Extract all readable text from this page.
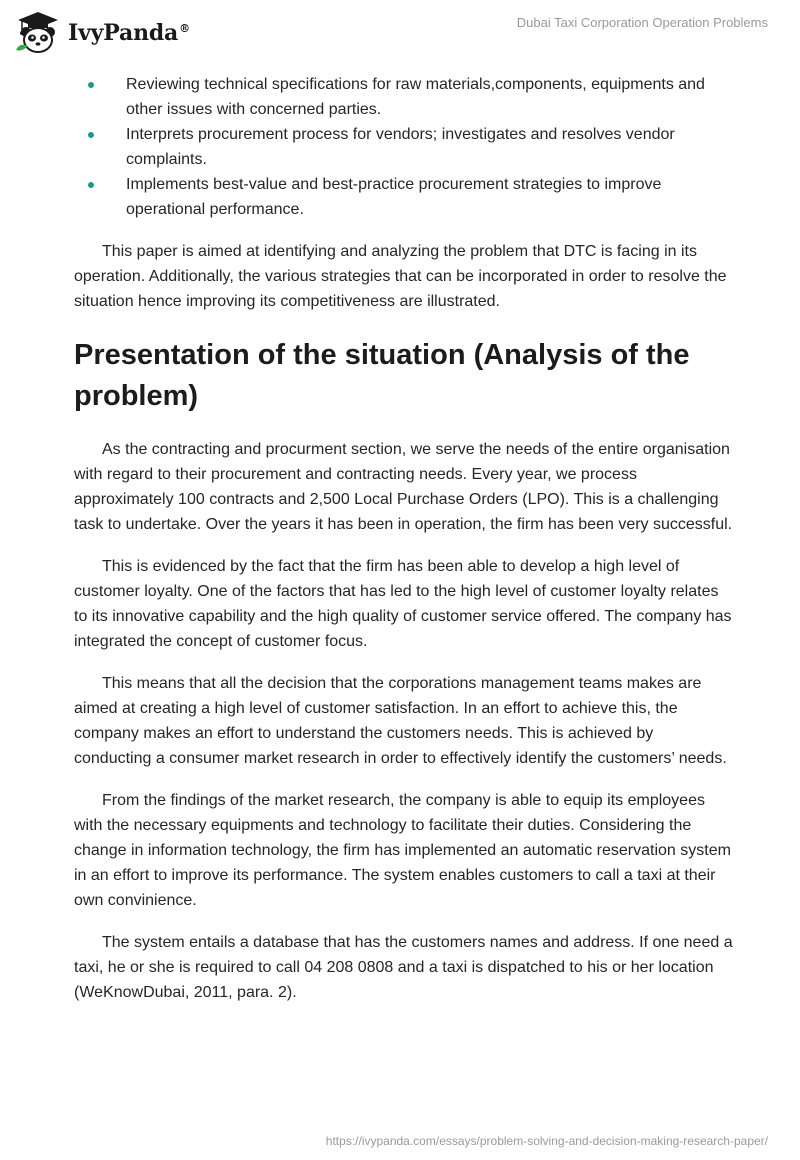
IvyPanda®	Dubai Taxi Corporation Operation Problems
Reviewing technical specifications for raw materials,components, equipments and other issues with concerned parties.
Interprets procurement process for vendors; investigates and resolves vendor complaints.
Implements best-value and best-practice procurement strategies to improve operational performance.

This paper is aimed at identifying and analyzing the problem that DTC is facing in its operation. Additionally, the various strategies that can be incorporated in order to resolve the situation hence improving its competitiveness are illustrated.

Presentation of the situation (Analysis of the problem)

As the contracting and procurment section, we serve the needs of the entire organisation with regard to their procurement and contracting needs. Every year, we process approximately 100 contracts and 2,500 Local Purchase Orders (LPO). This is a challenging task to undertake. Over the years it has been in operation, the firm has been very successful.

This is evidenced by the fact that the firm has been able to develop a high level of customer loyalty. One of the factors that has led to the high level of customer loyalty relates to its innovative capability and the high quality of customer service offered. The company has integrated the concept of customer focus.

This means that all the decision that the corporations management teams makes are aimed at creating a high level of customer satisfaction. In an effort to achieve this, the company makes an effort to understand the customers needs. This is achieved by conducting a consumer market research in order to effectively identify the customers’ needs.

From the findings of the market research, the company is able to equip its employees with the necessary equipments and technology to facilitate their duties. Considering the change in information technology, the firm has implemented an automatic reservation system in an effort to improve its performance. The system enables customers to call a taxi at their own convinience.

The system entails a database that has the customers names and address. If one need a taxi, he or she is required to call 04 208 0808 and a taxi is dispatched to his or her location (WeKnowDubai, 2011, para. 2).

https://ivypanda.com/essays/problem-solving-and-decision-making-research-paper/
